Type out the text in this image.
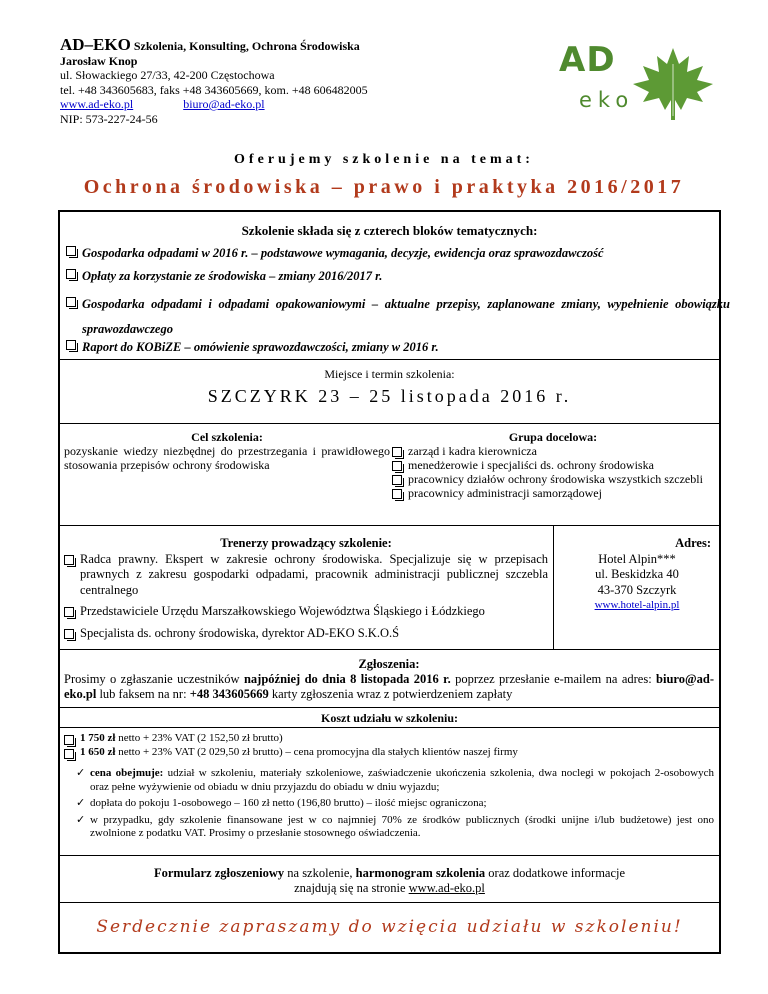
AD–EKO Szkolenia, Konsulting, Ochrona Środowiska
Jarosław Knop
ul. Słowackiego 27/33, 42-200 Częstochowa
tel. +48 343605683, faks +48 343605669, kom. +48 606482005
www.ad-eko.pl	biuro@ad-eko.pl
NIP: 573-227-24-56
AD
eko
Oferujemy szkolenie na temat:
Ochrona środowiska – prawo i praktyka 2016/2017
Szkolenie składa się z czterech bloków tematycznych:
Gospodarka odpadami w 2016 r. – podstawowe wymagania, decyzje, ewidencja oraz sprawozdawczość
Opłaty za korzystanie ze środowiska – zmiany 2016/2017 r.
Gospodarka odpadami i odpadami opakowaniowymi – aktualne przepisy, zaplanowane zmiany, wypełnienie obowiązku sprawozdawczego
Raport do KOBiZE – omówienie sprawozdawczości, zmiany w 2016 r.
Miejsce i termin szkolenia:
SZCZYRK 23 – 25 listopada 2016 r.
Cel szkolenia:
pozyskanie wiedzy niezbędnej do przestrzegania i prawidłowego stosowania przepisów ochrony środowiska
Grupa docelowa:
zarząd i kadra kierownicza
menedżerowie i specjaliści ds. ochrony środowiska
pracownicy działów ochrony środowiska wszystkich szczebli
pracownicy administracji samorządowej
Trenerzy prowadzący szkolenie:
Radca prawny. Ekspert w zakresie ochrony środowiska. Specjalizuje się w przepisach prawnych z zakresu gospodarki odpadami, pracownik administracji publicznej szczebla centralnego
Przedstawiciele Urzędu Marszałkowskiego Województwa Śląskiego i Łódzkiego
Specjalista ds. ochrony środowiska, dyrektor AD-EKO S.K.O.Ś
Adres:
Hotel Alpin***
ul. Beskidzka 40
43-370 Szczyrk
www.hotel-alpin.pl
Zgłoszenia:
Prosimy o zgłaszanie uczestników najpóźniej do dnia 8 listopada 2016 r. poprzez przesłanie e-mailem na adres: biuro@ad-eko.pl lub faksem na nr: +48 343605669 karty zgłoszenia wraz z potwierdzeniem zapłaty
Koszt udziału w szkoleniu:
1 750 zł netto + 23% VAT (2 152,50 zł brutto)
1 650 zł netto + 23% VAT (2 029,50 zł brutto) – cena promocyjna dla stałych klientów naszej firmy
✓ cena obejmuje: udział w szkoleniu, materiały szkoleniowe, zaświadczenie ukończenia szkolenia, dwa noclegi w pokojach 2-osobowych oraz pełne wyżywienie od obiadu w dniu przyjazdu do obiadu w dniu wyjazdu;
✓ dopłata do pokoju 1-osobowego – 160 zł netto (196,80 brutto) – ilość miejsc ograniczona;
✓ w przypadku, gdy szkolenie finansowane jest w co najmniej 70% ze środków publicznych (środki unijne i/lub budżetowe) jest ono zwolnione z podatku VAT. Prosimy o przesłanie stosownego oświadczenia.
Formularz zgłoszeniowy na szkolenie, harmonogram szkolenia oraz dodatkowe informacje
znajdują się na stronie www.ad-eko.pl
Serdecznie zapraszamy do wzięcia udziału w szkoleniu!
